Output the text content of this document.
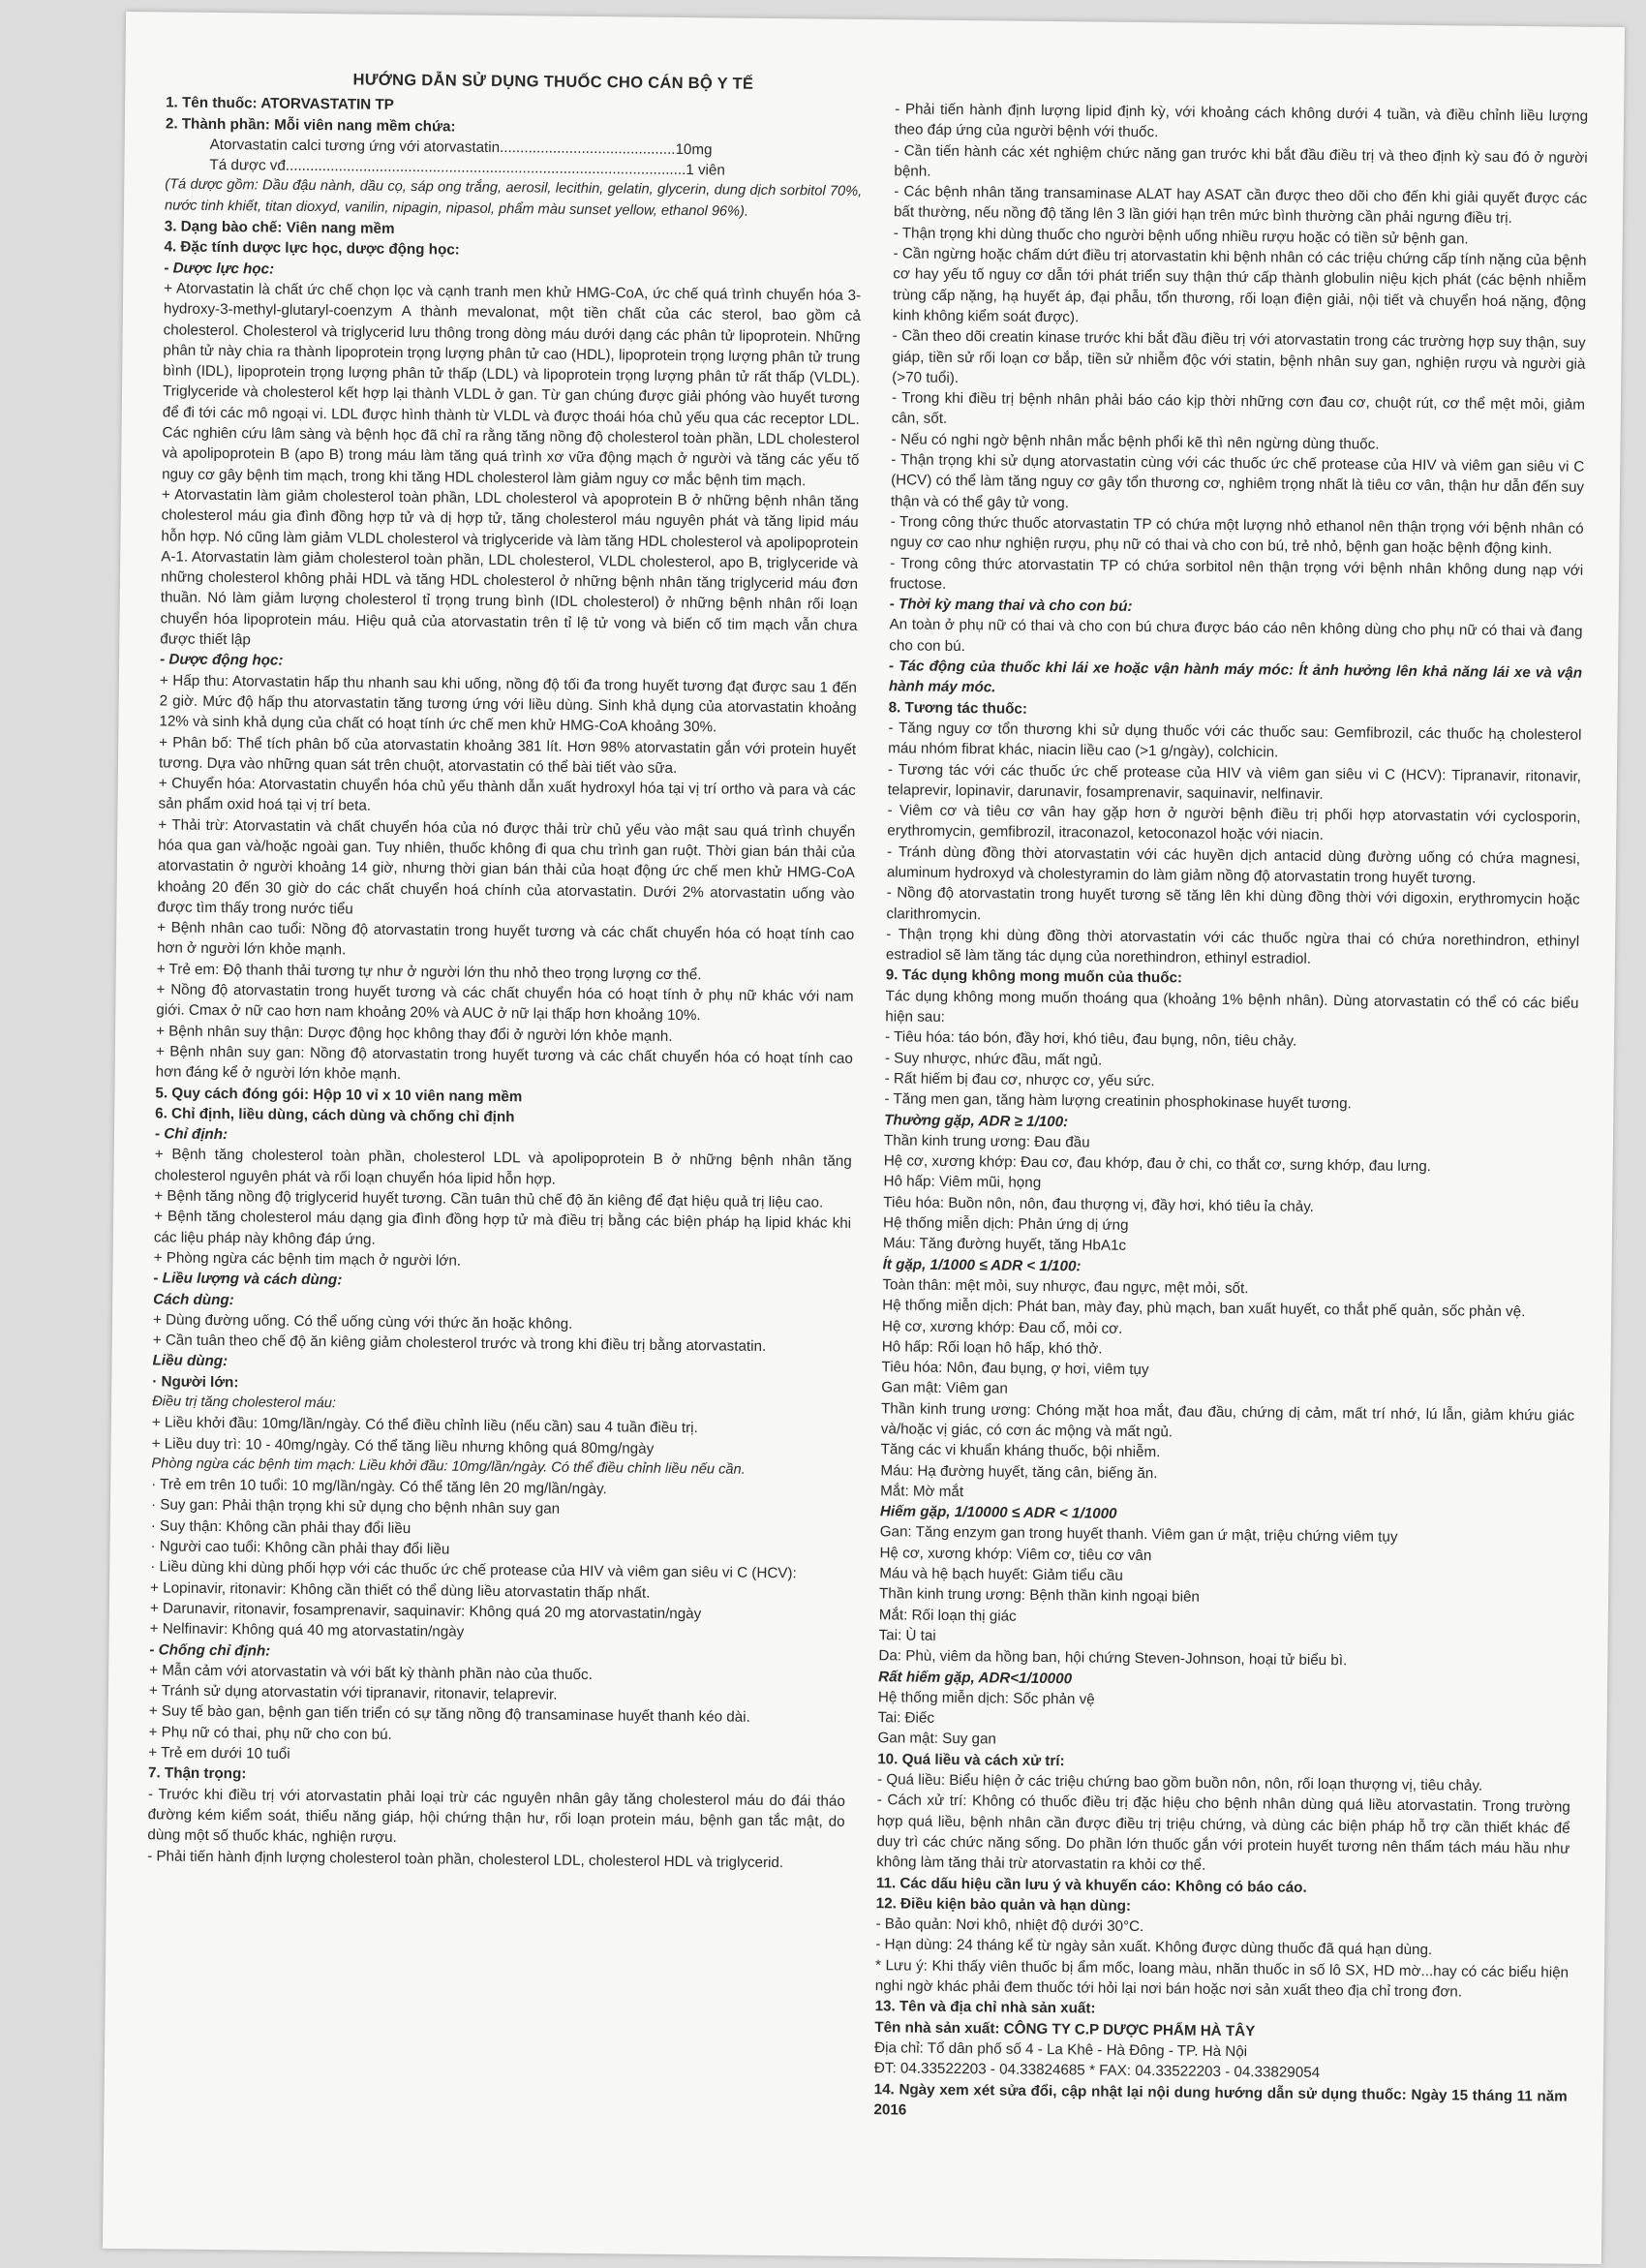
HƯỚNG DẪN SỬ DỤNG THUỐC CHO CÁN BỘ Y TẾ

1. Tên thuốc: ATORVASTATIN TP

2. Thành phần: Mỗi viên nang mềm chứa:

Atorvastatin calci tương ứng với atorvastatin...........................................10mg

Tá dược vđ..................................................................................................1 viên

(Tá dược gồm: Dầu đậu nành, dầu cọ, sáp ong trắng, aerosil, lecithin, gelatin, glycerin, dung dịch sorbitol 70%, nước tinh khiết, titan dioxyd, vanilin, nipagin, nipasol, phẩm màu sunset yellow, ethanol 96%).

3. Dạng bào chế: Viên nang mềm

4. Đặc tính dược lực học, dược động học:

- Dược lực học:

+ Atorvastatin là chất ức chế chọn lọc và cạnh tranh men khử HMG-CoA, ức chế quá trình chuyển hóa 3-hydroxy-3-methyl-glutaryl-coenzym A thành mevalonat, một tiền chất của các sterol, bao gồm cả cholesterol. Cholesterol và triglycerid lưu thông trong dòng máu dưới dạng các phân tử lipoprotein. Những phân tử này chia ra thành lipoprotein trọng lượng phân tử cao (HDL), lipoprotein trọng lượng phân tử trung bình (IDL), lipoprotein trọng lượng phân tử thấp (LDL) và lipoprotein trọng lượng phân tử rất thấp (VLDL). Triglyceride và cholesterol kết hợp lại thành VLDL ở gan. Từ gan chúng được giải phóng vào huyết tương để đi tới các mô ngoại vi. LDL được hình thành từ VLDL và được thoái hóa chủ yếu qua các receptor LDL. Các nghiên cứu lâm sàng và bệnh học đã chỉ ra rằng tăng nồng độ cholesterol toàn phần, LDL cholesterol và apolipoprotein B (apo B) trong máu làm tăng quá trình xơ vữa động mạch ở người và tăng các yếu tố nguy cơ gây bệnh tim mạch, trong khi tăng HDL cholesterol làm giảm nguy cơ mắc bệnh tim mạch.

+ Atorvastatin làm giảm cholesterol toàn phần, LDL cholesterol và apoprotein B ở những bệnh nhân tăng cholesterol máu gia đình đồng hợp tử và dị hợp tử, tăng cholesterol máu nguyên phát và tăng lipid máu hỗn hợp. Nó cũng làm giảm VLDL cholesterol và triglyceride và làm tăng HDL cholesterol và apolipoprotein A-1. Atorvastatin làm giảm cholesterol toàn phần, LDL cholesterol, VLDL cholesterol, apo B, triglyceride và những cholesterol không phải HDL và tăng HDL cholesterol ở những bệnh nhân tăng triglycerid máu đơn thuần. Nó làm giảm lượng cholesterol tỉ trọng trung bình (IDL cholesterol) ở những bệnh nhân rối loạn chuyển hóa lipoprotein máu. Hiệu quả của atorvastatin trên tỉ lệ tử vong và biến cố tim mạch vẫn chưa được thiết lập

- Dược động học:

+ Hấp thu: Atorvastatin hấp thu nhanh sau khi uống, nồng độ tối đa trong huyết tương đạt được sau 1 đến 2 giờ. Mức độ hấp thu atorvastatin tăng tương ứng với liều dùng. Sinh khả dụng của atorvastatin khoảng 12% và sinh khả dụng của chất có hoạt tính ức chế men khử HMG-CoA khoảng 30%.

+ Phân bố: Thể tích phân bố của atorvastatin khoảng 381 lít. Hơn 98% atorvastatin gắn với protein huyết tương. Dựa vào những quan sát trên chuột, atorvastatin có thể bài tiết vào sữa.

+ Chuyển hóa: Atorvastatin chuyển hóa chủ yếu thành dẫn xuất hydroxyl hóa tại vị trí ortho và para và các sản phẩm oxid hoá tại vị trí beta.

+ Thải trừ: Atorvastatin và chất chuyển hóa của nó được thải trừ chủ yếu vào mật sau quá trình chuyển hóa qua gan và/hoặc ngoài gan. Tuy nhiên, thuốc không đi qua chu trình gan ruột. Thời gian bán thải của atorvastatin ở người khoảng 14 giờ, nhưng thời gian bán thải của hoạt động ức chế men khử HMG-CoA khoảng 20 đến 30 giờ do các chất chuyển hoá chính của atorvastatin. Dưới 2% atorvastatin uống vào được tìm thấy trong nước tiểu

+ Bệnh nhân cao tuổi: Nồng độ atorvastatin trong huyết tương và các chất chuyển hóa có hoạt tính cao hơn ở người lớn khỏe mạnh.

+ Trẻ em: Độ thanh thải tương tự như ở người lớn thu nhỏ theo trọng lượng cơ thể.

+ Nồng độ atorvastatin trong huyết tương và các chất chuyển hóa có hoạt tính ở phụ nữ khác với nam giới. Cmax ở nữ cao hơn nam khoảng 20% và AUC ở nữ lại thấp hơn khoảng 10%.

+ Bệnh nhân suy thận: Dược động học không thay đổi ở người lớn khỏe mạnh.

+ Bệnh nhân suy gan: Nồng độ atorvastatin trong huyết tương và các chất chuyển hóa có hoạt tính cao hơn đáng kể ở người lớn khỏe mạnh.

5. Quy cách đóng gói: Hộp 10 vỉ x 10 viên nang mềm

6. Chỉ định, liều dùng, cách dùng và chống chỉ định

- Chỉ định:

+ Bệnh tăng cholesterol toàn phần, cholesterol LDL và apolipoprotein B ở những bệnh nhân tăng cholesterol nguyên phát và rối loạn chuyển hóa lipid hỗn hợp.

+ Bệnh tăng nồng độ triglycerid huyết tương. Cần tuân thủ chế độ ăn kiêng để đạt hiệu quả trị liệu cao.

+ Bệnh tăng cholesterol máu dạng gia đình đồng hợp tử mà điều trị bằng các biện pháp hạ lipid khác khi các liệu pháp này không đáp ứng.

+ Phòng ngừa các bệnh tim mạch ở người lớn.

- Liều lượng và cách dùng:

Cách dùng:

+ Dùng đường uống. Có thể uống cùng với thức ăn hoặc không.

+ Cần tuân theo chế độ ăn kiêng giảm cholesterol trước và trong khi điều trị bằng atorvastatin.

Liều dùng:

· Người lớn:

Điều trị tăng cholesterol máu:

+ Liều khởi đầu: 10mg/lần/ngày. Có thể điều chỉnh liều (nếu cần) sau 4 tuần điều trị.

+ Liều duy trì: 10 - 40mg/ngày. Có thể tăng liều nhưng không quá 80mg/ngày

Phòng ngừa các bệnh tim mạch: Liều khởi đầu: 10mg/lần/ngày. Có thể điều chỉnh liều nếu cần.

· Trẻ em trên 10 tuổi: 10 mg/lần/ngày. Có thể tăng lên 20 mg/lần/ngày.

· Suy gan: Phải thận trọng khi sử dụng cho bệnh nhân suy gan

· Suy thận: Không cần phải thay đổi liều

· Người cao tuổi: Không cần phải thay đổi liều

· Liều dùng khi dùng phối hợp với các thuốc ức chế protease của HIV và viêm gan siêu vi C (HCV):

+ Lopinavir, ritonavir: Không cần thiết có thể dùng liều atorvastatin thấp nhất.

+ Darunavir, ritonavir, fosamprenavir, saquinavir: Không quá 20 mg atorvastatin/ngày

+ Nelfinavir: Không quá 40 mg atorvastatin/ngày

- Chống chỉ định:

+ Mẫn cảm với atorvastatin và với bất kỳ thành phần nào của thuốc.

+ Tránh sử dụng atorvastatin với tipranavir, ritonavir, telaprevir.

+ Suy tế bào gan, bệnh gan tiến triển có sự tăng nồng độ transaminase huyết thanh kéo dài.

+ Phụ nữ có thai, phụ nữ cho con bú.

+ Trẻ em dưới 10 tuổi

7. Thận trọng:

- Trước khi điều trị với atorvastatin phải loại trừ các nguyên nhân gây tăng cholesterol máu do đái tháo đường kém kiểm soát, thiểu năng giáp, hội chứng thận hư, rối loạn protein máu, bệnh gan tắc mật, do dùng một số thuốc khác, nghiện rượu.

- Phải tiến hành định lượng cholesterol toàn phần, cholesterol LDL, cholesterol HDL và triglycerid.

- Phải tiến hành định lượng lipid định kỳ, với khoảng cách không dưới 4 tuần, và điều chỉnh liều lượng theo đáp ứng của người bệnh với thuốc.

- Cần tiến hành các xét nghiệm chức năng gan trước khi bắt đầu điều trị và theo định kỳ sau đó ở người bệnh.

- Các bệnh nhân tăng transaminase ALAT hay ASAT cần được theo dõi cho đến khi giải quyết được các bất thường, nếu nồng độ tăng lên 3 lần giới hạn trên mức bình thường cần phải ngưng điều trị.

- Thận trọng khi dùng thuốc cho người bệnh uống nhiều rượu hoặc có tiền sử bệnh gan.

- Cần ngừng hoặc chấm dứt điều trị atorvastatin khi bệnh nhân có các triệu chứng cấp tính nặng của bệnh cơ hay yếu tố nguy cơ dẫn tới phát triển suy thận thứ cấp thành globulin niệu kịch phát (các bệnh nhiễm trùng cấp nặng, hạ huyết áp, đại phẫu, tổn thương, rối loạn điện giải, nội tiết và chuyển hoá nặng, động kinh không kiểm soát được).

- Cần theo dõi creatin kinase trước khi bắt đầu điều trị với atorvastatin trong các trường hợp suy thận, suy giáp, tiền sử rối loạn cơ bắp, tiền sử nhiễm độc với statin, bệnh nhân suy gan, nghiện rượu và người già (>70 tuổi).

- Trong khi điều trị bệnh nhân phải báo cáo kịp thời những cơn đau cơ, chuột rút, cơ thể mệt mỏi, giảm cân, sốt.

- Nếu có nghi ngờ bệnh nhân mắc bệnh phổi kẽ thì nên ngừng dùng thuốc.

- Thận trọng khi sử dụng atorvastatin cùng với các thuốc ức chế protease của HIV và viêm gan siêu vi C (HCV) có thể làm tăng nguy cơ gây tổn thương cơ, nghiêm trọng nhất là tiêu cơ vân, thận hư dẫn đến suy thận và có thể gây tử vong.

- Trong công thức thuốc atorvastatin TP có chứa một lượng nhỏ ethanol nên thận trọng với bệnh nhân có nguy cơ cao như nghiện rượu, phụ nữ có thai và cho con bú, trẻ nhỏ, bệnh gan hoặc bệnh động kinh.

- Trong công thức atorvastatin TP có chứa sorbitol nên thận trọng với bệnh nhân không dung nạp với fructose.

- Thời kỳ mang thai và cho con bú:

An toàn ở phụ nữ có thai và cho con bú chưa được báo cáo nên không dùng cho phụ nữ có thai và đang cho con bú.

- Tác động của thuốc khi lái xe hoặc vận hành máy móc: Ít ảnh hưởng lên khả năng lái xe và vận hành máy móc.

8. Tương tác thuốc:

- Tăng nguy cơ tổn thương khi sử dụng thuốc với các thuốc sau: Gemfibrozil, các thuốc hạ cholesterol máu nhóm fibrat khác, niacin liều cao (>1 g/ngày), colchicin.

- Tương tác với các thuốc ức chế protease của HIV và viêm gan siêu vi C (HCV): Tipranavir, ritonavir, telaprevir, lopinavir, darunavir, fosamprenavir, saquinavir, nelfinavir.

- Viêm cơ và tiêu cơ vân hay gặp hơn ở người bệnh điều trị phối hợp atorvastatin với cyclosporin, erythromycin, gemfibrozil, itraconazol, ketoconazol hoặc với niacin.

- Tránh dùng đồng thời atorvastatin với các huyền dịch antacid dùng đường uống có chứa magnesi, aluminum hydroxyd và cholestyramin do làm giảm nồng độ atorvastatin trong huyết tương.

- Nồng độ atorvastatin trong huyết tương sẽ tăng lên khi dùng đồng thời với digoxin, erythromycin hoặc clarithromycin.

- Thận trọng khi dùng đồng thời atorvastatin với các thuốc ngừa thai có chứa norethindron, ethinyl estradiol sẽ làm tăng tác dụng của norethindron, ethinyl estradiol.

9. Tác dụng không mong muốn của thuốc:

Tác dụng không mong muốn thoáng qua (khoảng 1% bệnh nhân). Dùng atorvastatin có thể có các biểu hiện sau:

- Tiêu hóa: táo bón, đầy hơi, khó tiêu, đau bụng, nôn, tiêu chảy.

- Suy nhược, nhức đầu, mất ngủ.

- Rất hiếm bị đau cơ, nhược cơ, yếu sức.

- Tăng men gan, tăng hàm lượng creatinin phosphokinase huyết tương.

Thường gặp, ADR ≥ 1/100:

Thần kinh trung ương: Đau đầu

Hệ cơ, xương khớp: Đau cơ, đau khớp, đau ở chi, co thắt cơ, sưng khớp, đau lưng.

Hô hấp: Viêm mũi, họng

Tiêu hóa: Buồn nôn, nôn, đau thượng vị, đầy hơi, khó tiêu ỉa chảy.

Hệ thống miễn dịch: Phản ứng dị ứng

Máu: Tăng đường huyết, tăng HbA1c

Ít gặp, 1/1000 ≤ ADR < 1/100:

Toàn thân: mệt mỏi, suy nhược, đau ngực, mệt mỏi, sốt.

Hệ thống miễn dịch: Phát ban, mày đay, phù mạch, ban xuất huyết, co thắt phế quản, sốc phản vệ.

Hệ cơ, xương khớp: Đau cổ, mỏi cơ.

Hô hấp: Rối loạn hô hấp, khó thở.

Tiêu hóa: Nôn, đau bụng, ợ hơi, viêm tụy

Gan mật: Viêm gan

Thần kinh trung ương: Chóng mặt hoa mắt, đau đầu, chứng dị cảm, mất trí nhớ, lú lẫn, giảm khứu giác và/hoặc vị giác, có cơn ác mộng và mất ngủ.

Tăng các vi khuẩn kháng thuốc, bội nhiễm.

Máu: Hạ đường huyết, tăng cân, biếng ăn.

Mắt: Mờ mắt

Hiếm gặp, 1/10000 ≤ ADR < 1/1000

Gan: Tăng enzym gan trong huyết thanh. Viêm gan ứ mật, triệu chứng viêm tụy

Hệ cơ, xương khớp: Viêm cơ, tiêu cơ vân

Máu và hệ bạch huyết: Giảm tiểu cầu

Thần kinh trung ương: Bệnh thần kinh ngoại biên

Mắt: Rối loạn thị giác

Tai: Ù tai

Da: Phù, viêm da hồng ban, hội chứng Steven-Johnson, hoại tử biểu bì.

Rất hiếm gặp, ADR<1/10000

Hệ thống miễn dịch: Sốc phản vệ

Tai: Điếc

Gan mật: Suy gan

10. Quá liều và cách xử trí:

- Quá liều: Biểu hiện ở các triệu chứng bao gồm buồn nôn, nôn, rối loạn thượng vị, tiêu chảy.

- Cách xử trí: Không có thuốc điều trị đặc hiệu cho bệnh nhân dùng quá liều atorvastatin. Trong trường hợp quá liều, bệnh nhân cần được điều trị triệu chứng, và dùng các biện pháp hỗ trợ cần thiết khác để duy trì các chức năng sống. Do phần lớn thuốc gắn với protein huyết tương nên thẩm tách máu hầu như không làm tăng thải trừ atorvastatin ra khỏi cơ thể.

11. Các dấu hiệu cần lưu ý và khuyến cáo: Không có báo cáo.

12. Điều kiện bảo quản và hạn dùng:

- Bảo quản: Nơi khô, nhiệt độ dưới 30°C.

- Hạn dùng: 24 tháng kể từ ngày sản xuất. Không được dùng thuốc đã quá hạn dùng.

* Lưu ý: Khi thấy viên thuốc bị ẩm mốc, loang màu, nhãn thuốc in số lô SX, HD mờ...hay có các biểu hiện nghi ngờ khác phải đem thuốc tới hỏi lại nơi bán hoặc nơi sản xuất theo địa chỉ trong đơn.

13. Tên và địa chỉ nhà sản xuất:

Tên nhà sản xuất: CÔNG TY C.P DƯỢC PHẨM HÀ TÂY

Địa chỉ: Tổ dân phố số 4 - La Khê - Hà Đông - TP. Hà Nội

ĐT: 04.33522203 - 04.33824685 * FAX: 04.33522203 - 04.33829054

14. Ngày xem xét sửa đổi, cập nhật lại nội dung hướng dẫn sử dụng thuốc: Ngày 15 tháng 11 năm 2016
